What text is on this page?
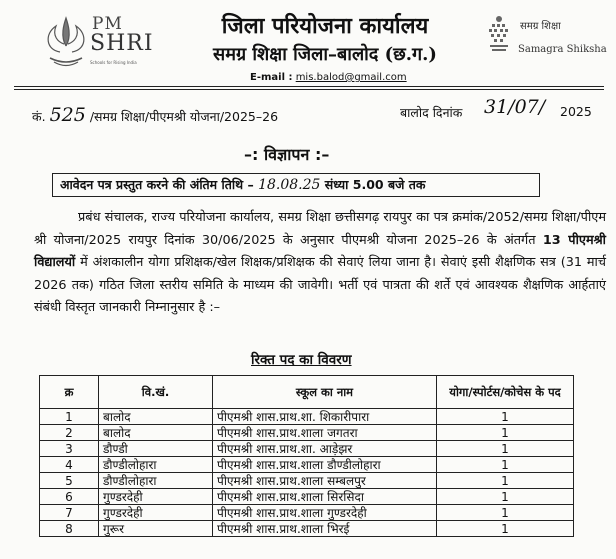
PM
SHRI
Schools for Rising India
जिला परियोजना कार्यालय
समग्र शिक्षा जिला–बालोद (छ.ग.)
E-mail : mis.balod@gmail.com
समग्र शिक्षा
Samagra Shiksha
कं. 525 /समग्र शिक्षा/पीएमश्री योजना/2025–26	बालोद दिनांक 31/07/ 2025
–: विज्ञापन :–
आवेदन पत्र प्रस्तुत करने की अंतिम तिथि – 18.08.25 संध्या 5.00 बजे तक

प्रबंध संचालक, राज्य परियोजना कार्यालय, समग्र शिक्षा छत्तीसगढ़ रायपुर का पत्र क्रमांक/2052/समग्र शिक्षा/पीएम श्री योजना/2025 रायपुर दिनांक 30/06/2025 के अनुसार पीएमश्री योजना 2025–26 के अंतर्गत 13 पीएमश्री विद्यालयों में अंशकालीन योगा प्रशिक्षक/खेल शिक्षक/प्रशिक्षक की सेवाएं लिया जाना है। सेवाएं इसी शैक्षणिक सत्र (31 मार्च 2026 तक) गठित जिला स्तरीय समिति के माध्यम की जावेगी। भर्ती एवं पात्रता की शर्ते एवं आवश्यक शैक्षणिक आर्हताएं संबंधी विस्तृत जानकारी निम्नानुसार है :–

रिक्त पद का विवरण
क्र	वि.खं.	स्कूल का नाम	योगा/स्पोर्टस/कोचेस के पद
1	बालोद	पीएमश्री शास.प्राथ.शा. शिकारीपारा	1
2	बालोद	पीएमश्री शास.प्राथ.शाला जगतरा	1
3	डौण्डी	पीएमश्री शास.प्राथ.शा. आड़ेझर	1
4	डौण्डीलोहारा	पीएमश्री शास.प्राथ.शाला डौण्डीलोहारा	1
5	डौण्डीलोहारा	पीएमश्री शास.प्राथ.शाला सम्बलपुर	1
6	गुण्डरदेही	पीएमश्री शास.प्राथ.शाला सिरसिदा	1
7	गुण्डरदेही	पीएमश्री शास.प्राथ.शाला गुण्डरदेही	1
8	गुरूर	पीएमश्री शास.प्राथ.शाला भिरई	1
